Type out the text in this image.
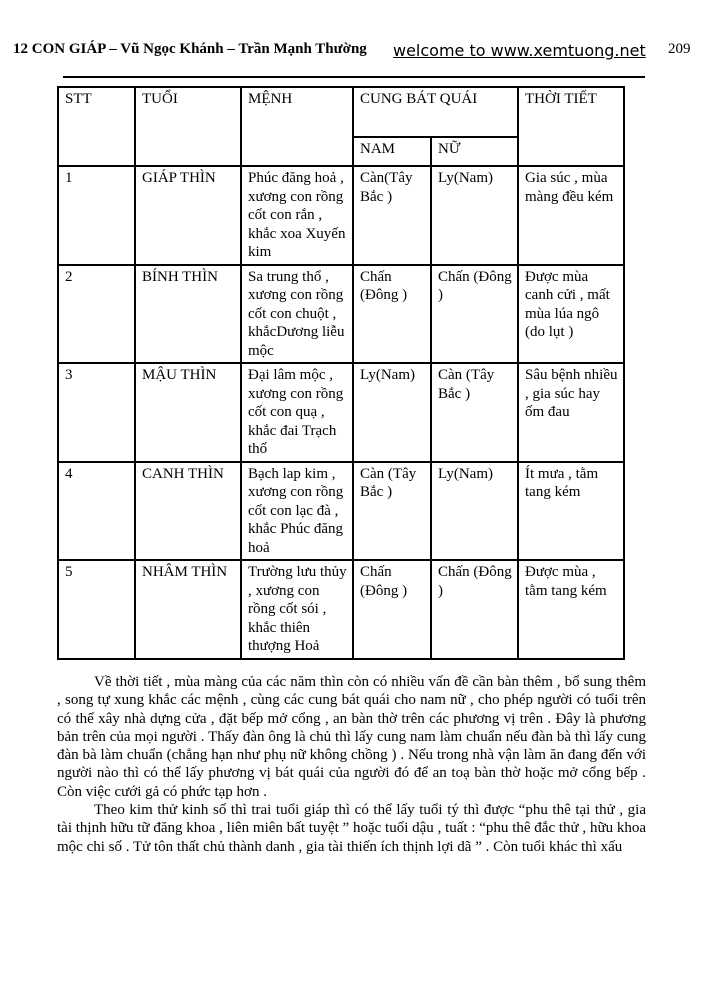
12 CON GIÁP – Vũ Ngọc Khánh – Trần Mạnh Thường welcome to www.xemtuong.net 209
STT	TUỔI	MỆNH	CUNG BÁT QUÁI		THỜI TIẾT
			NAM	NỮ	
1	GIÁP THÌN	Phúc đăng hoả , xương con rồng cốt con rắn , khắc xoa Xuyến kim	Càn(Tây Bắc )	Ly(Nam)	Gia súc , mùa màng đều kém
2	BÍNH THÌN	Sa trung thổ , xương con rồng cốt con chuột , khắcDương liễu mộc	Chấn (Đông )	Chấn (Đông )	Được mùa canh cửi , mất mùa lúa ngô (do lụt )
3	MẬU THÌN	Đại lâm mộc , xương con rồng cốt con quạ , khắc đai Trạch thổ	Ly(Nam)	Càn (Tây Bắc )	Sâu bệnh nhiều , gia súc hay ốm đau
4	CANH THÌN	Bạch lap kim , xương con rồng cốt con lạc đà , khắc Phúc đăng hoả	Càn (Tây Bắc )	Ly(Nam)	Ít mưa , tằm tang kém
5	NHÂM THÌN	Trường lưu thủy , xương con rồng cốt sói , khắc thiên thượng Hoả	Chấn (Đông )	Chấn (Đông )	Được mùa , tằm tang kém

Về thời tiết , mùa màng của các năm thìn còn có nhiều vấn đề cần bàn thêm , bổ sung thêm , song tự xung khắc các mệnh , cùng các cung bát quái cho nam nữ , cho phép người có tuổi trên có thể xây nhà dựng cửa , đặt bếp mở cổng , an bàn thờ trên các phương vị trên . Đây là phương bản trên của mọi người . Thấy đàn ông là chủ thì lấy cung nam làm chuẩn nếu đàn bà thì lấy cung đàn bà làm chuẩn (chẳng hạn như phụ nữ không chồng ) . Nếu trong nhà vận làm ăn đang đến với người nào thì có thể lấy phương vị bát quái của người đó để an toạ bàn thờ hoặc mở cổng bếp . Còn việc cưới gả có phức tạp hơn .

Theo kim thử kinh số thì trai tuổi giáp thì có thể lấy tuổi tý thì được “phu thê tại thử , gia tài thịnh hữu tữ đăng khoa , liên miên bất tuyệt ” hoặc tuổi dậu , tuất : “phu thê đắc thử , hữu khoa mộc chi số . Tử tôn thất chủ thành danh , gia tài thiến ích thịnh lợi dã ” . Còn tuổi khác thì xấu
